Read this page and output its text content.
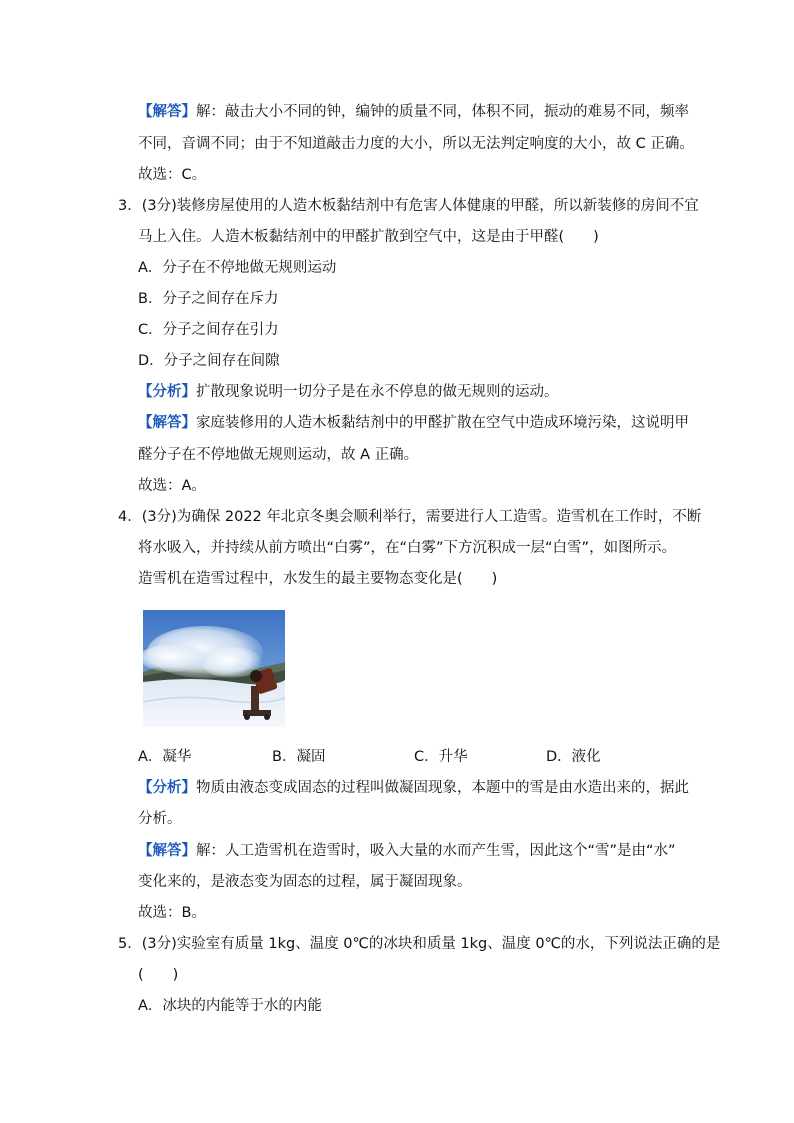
【解答】解：敲击大小不同的钟，编钟的质量不同，体积不同，振动的难易不同，频率
不同，音调不同；由于不知道敲击力度的大小，所以无法判定响度的大小，故 C 正确。
故选：C。
3．(3分)装修房屋使用的人造木板黏结剂中有危害人体健康的甲醛，所以新装修的房间不宜
马上入住。人造木板黏结剂中的甲醛扩散到空气中，这是由于甲醛(　　)
A．分子在不停地做无规则运动
B．分子之间存在斥力
C．分子之间存在引力
D．分子之间存在间隙
【分析】扩散现象说明一切分子是在永不停息的做无规则的运动。
【解答】家庭装修用的人造木板黏结剂中的甲醛扩散在空气中造成环境污染，这说明甲
醛分子在不停地做无规则运动，故 A 正确。
故选：A。
4．(3分)为确保 2022 年北京冬奥会顺利举行，需要进行人工造雪。造雪机在工作时，不断
将水吸入，并持续从前方喷出“白雾”，在“白雾”下方沉积成一层“白雪”，如图所示。
造雪机在造雪过程中，水发生的最主要物态变化是(　　)
A．凝华	B．凝固	C．升华	D．液化
【分析】物质由液态变成固态的过程叫做凝固现象，本题中的雪是由水造出来的，据此
分析。
【解答】解：人工造雪机在造雪时，吸入大量的水而产生雪，因此这个“雪”是由“水”
变化来的，是液态变为固态的过程，属于凝固现象。
故选：B。
5．(3分)实验室有质量 1kg、温度 0℃的冰块和质量 1kg、温度 0℃的水，下列说法正确的是
(　　)
A．冰块的内能等于水的内能
